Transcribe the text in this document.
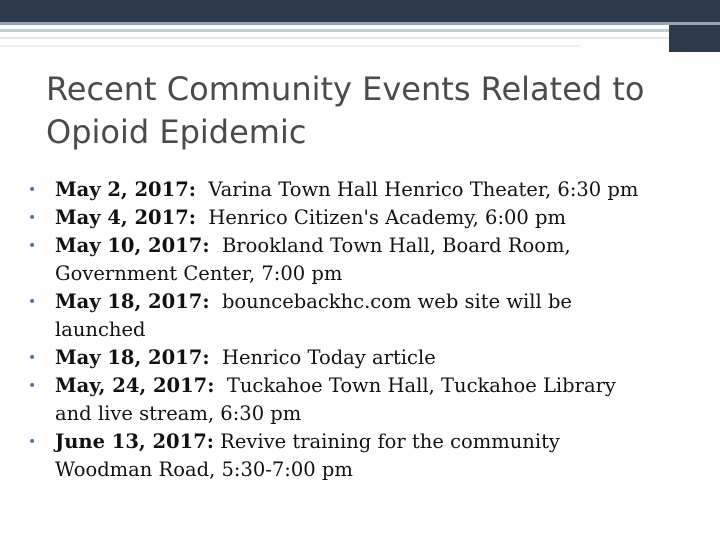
Recent Community Events Related to
Opioid Epidemic
• May 2, 2017: Varina Town Hall Henrico Theater, 6:30 pm
• May 4, 2017: Henrico Citizen's Academy, 6:00 pm
• May 10, 2017: Brookland Town Hall, Board Room,
Government Center, 7:00 pm
• May 18, 2017: bouncebackhc.com web site will be
launched
• May 18, 2017: Henrico Today article
• May, 24, 2017: Tuckahoe Town Hall, Tuckahoe Library
and live stream, 6:30 pm
• June 13, 2017: Revive training for the community
Woodman Road, 5:30-7:00 pm
